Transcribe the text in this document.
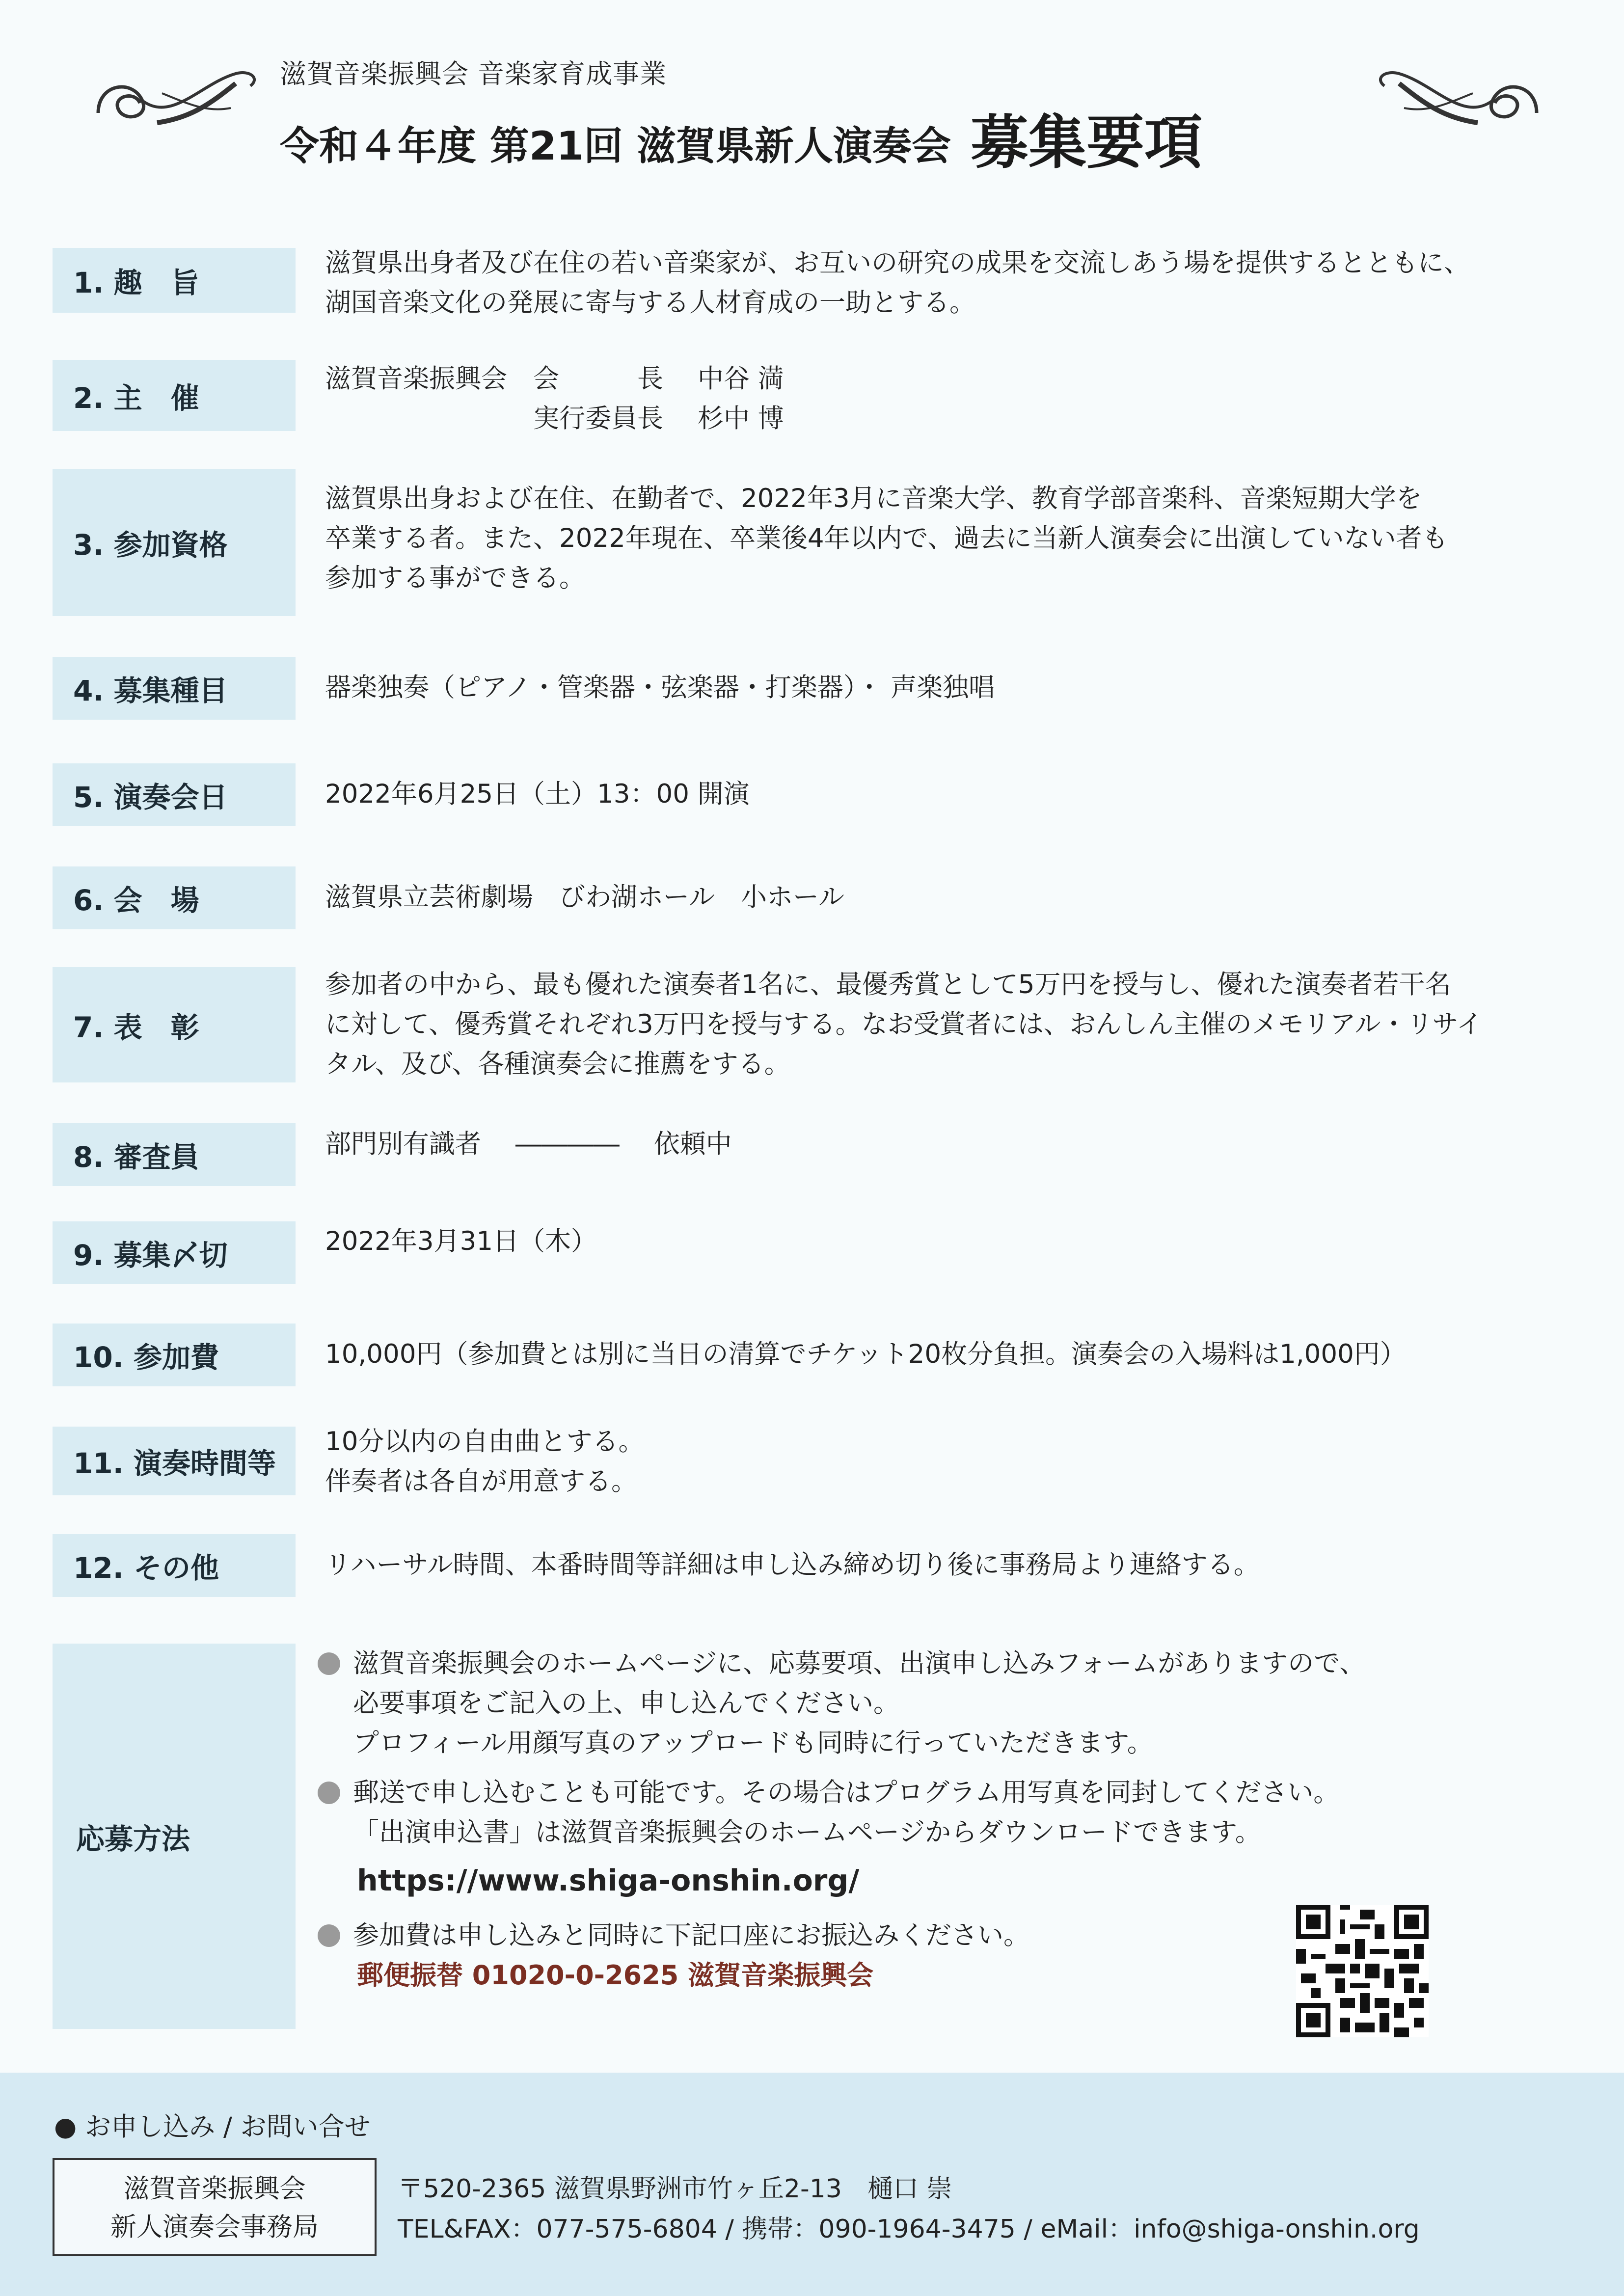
滋賀音楽振興会 音楽家育成事業
令和４年度 第21回 滋賀県新人演奏会 募集要項
1. 趣　旨

滋賀県出身者及び在住の若い音楽家が、お互いの研究の成果を交流しあう場を提供するとともに、

湖国音楽文化の発展に寄与する人材育成の一助とする。

2. 主　催

滋賀音楽振興会　会　　　長　 中谷 満

　　　　　　　　実行委員長　 杉中 博

3. 参加資格

滋賀県出身および在住、在勤者で、2022年3月に音楽大学、教育学部音楽科、音楽短期大学を

卒業する者。また、2022年現在、卒業後4年以内で、過去に当新人演奏会に出演していない者も

参加する事ができる。

4. 募集種目	器楽独奏（ピアノ・管楽器・弦楽器・打楽器）・ 声楽独唱

5. 演奏会日	2022年6月25日（土）13：00 開演

6. 会　場	滋賀県立芸術劇場　びわ湖ホール　小ホール

7. 表　彰

参加者の中から、最も優れた演奏者1名に、最優秀賞として5万円を授与し、優れた演奏者若干名

に対して、優秀賞それぞれ3万円を授与する。なお受賞者には、おんしん主催のメモリアル・リサイ

タル、及び、各種演奏会に推薦をする。

8. 審査員	部門別有識者　 ――――　 依頼中

9. 募集〆切	2022年3月31日（木）

10. 参加費	10,000円（参加費とは別に当日の清算でチケット20枚分負担。演奏会の入場料は1,000円）

11. 演奏時間等

10分以内の自由曲とする。

伴奏者は各自が用意する。

12. その他	リハーサル時間、本番時間等詳細は申し込み締め切り後に事務局より連絡する。

応募方法

滋賀音楽振興会のホームページに、応募要項、出演申し込みフォームがありますので、

必要事項をご記入の上、申し込んでください。

プロフィール用顔写真のアップロードも同時に行っていただきます。

郵送で申し込むことも可能です。その場合はプログラム用写真を同封してください。

「出演申込書」は滋賀音楽振興会のホームページからダウンロードできます。

https://www.shiga-onshin.org/

参加費は申し込みと同時に下記口座にお振込みください。

郵便振替 01020-0-2625 滋賀音楽振興会

● お申し込み / お問い合せ
滋賀音楽振興会
新人演奏会事務局
〒520-2365 滋賀県野洲市竹ヶ丘2-13　樋口 崇
TEL&FAX：077-575-6804 / 携帯：090-1964-3475 / eMail：info@shiga-onshin.org
